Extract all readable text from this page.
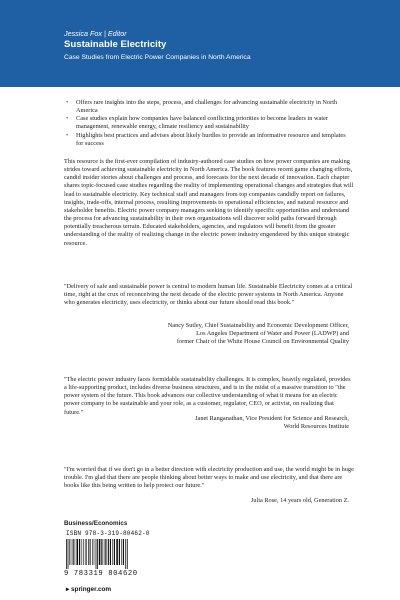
Jessica Fox | Editor
Sustainable Electricity
Case Studies from Electric Power Companies in North America
• Offers rare insights into the steps, process, and challenges for advancing sustainable electricity in North America
• Case studies explain how companies have balanced conflicting priorities to become leaders in water management, renewable energy, climate resiliency and sustainability
• Highlights best practices and advises about likely hurdles to provide an informative resource and templates for success
This resource is the first-ever compilation of industry-authored case studies on how power companies are making strides toward achieving sustainable electricity in North America. The book features recent game changing efforts, candid insider stories about challenges and process, and forecasts for the next decade of innovation. Each chapter shares topic-focused case studies regarding the reality of implementing operational changes and strategies that will lead to sustainable electricity. Key technical staff and managers from top companies candidly report on failures, insights, trade-offs, internal process, resulting improvements to operational efficiencies, and natural resource and stakeholder benefits. Electric power company managers seeking to identify specific opportunities and understand the process for advancing sustainability in their own organizations will discover solid paths forward through potentially treacherous terrain. Educated stakeholders, agencies, and regulators will benefit from the greater understanding of the reality of realizing change in the electric power industry engendered by this unique strategic resource.
"Delivery of safe and sustainable power is central to modern human life. Sustainable Electricity comes at a critical time, right at the crux of reconceiving the next decade of the electric power systems in North America. Anyone who generates electricity, uses electricity, or thinks about our future should read this book."
Nancy Sutley, Chief Sustainability and Economic Development Officer,
Los Angeles Department of Water and Power (LADWP) and
former Chair of the White House Council on Environmental Quality
"The electric power industry faces formidable sustainability challenges. It is complex, heavily regulated, provides a life-supporting product, includes diverse business structures, and is in the midst of a massive transition to "the power system of the future. This book advances our collective understanding of what it means for an electric power company to be sustainable and your role, as a customer, regulator, CEO, or activist, on realizing that future."
Janet Ranganathan, Vice President for Science and Research,
World Resources Institute
"I'm worried that if we don't go in a better direction with electricity production and use, the world might be in huge trouble. I'm glad that there are people thinking about better ways to make and use electricity, and that there are books like this being written to help protect our future."
Julia Rose, 14 years old, Generation Z.
Business/Economics
ISBN 978-3-319-80462-0
9 783319 804620
▸ springer.com
